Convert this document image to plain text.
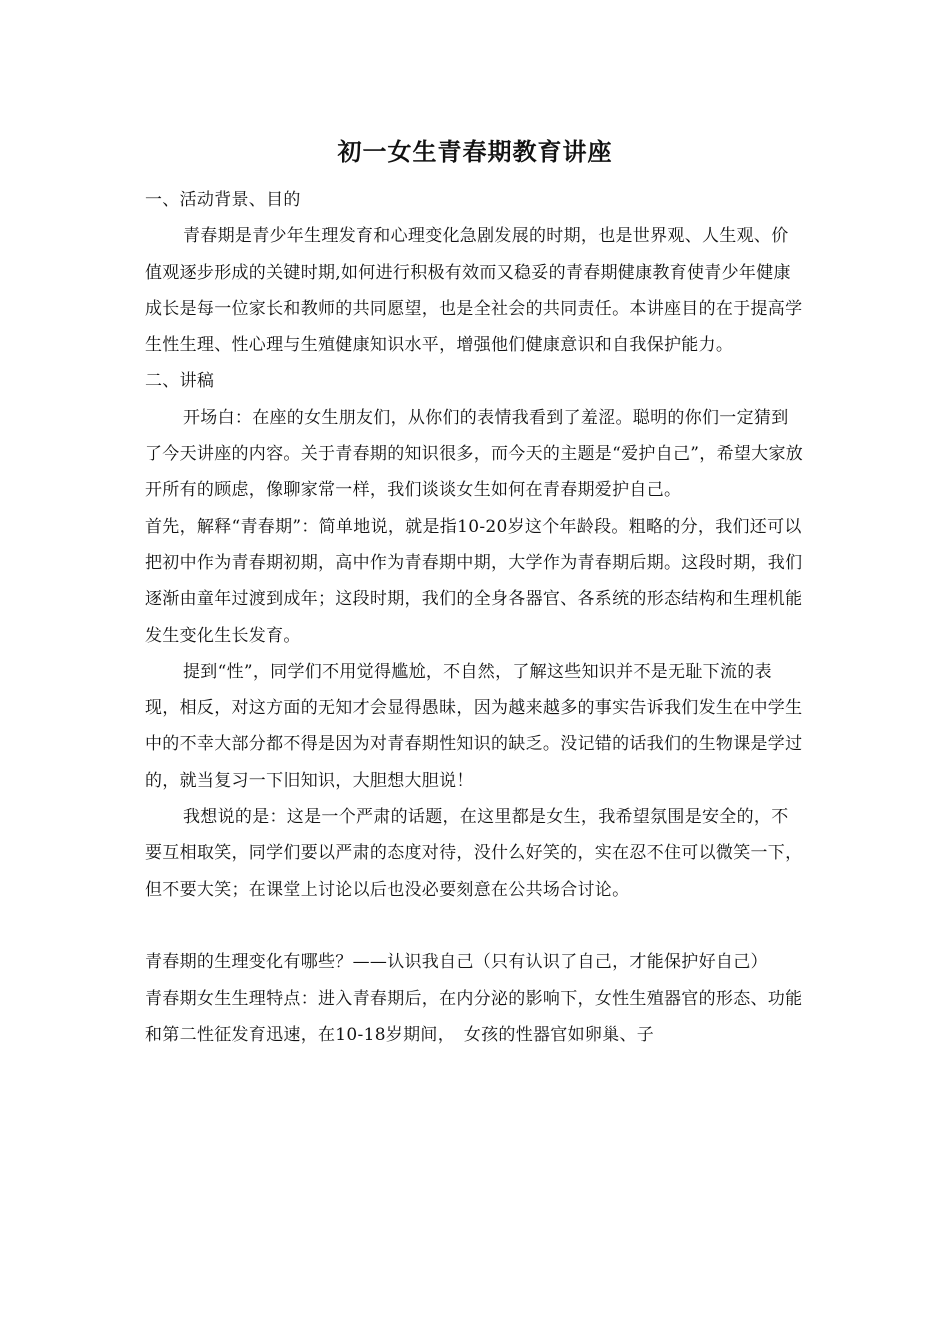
初一女生青春期教育讲座

一、活动背景、目的

青春期是青少年生理发育和心理变化急剧发展的时期，也是世界观、人生观、价值观逐步形成的关键时期,如何进行积极有效而又稳妥的青春期健康教育使青少年健康成长是每一位家长和教师的共同愿望，也是全社会的共同责任。本讲座目的在于提高学生性生理、性心理与生殖健康知识水平，增强他们健康意识和自我保护能力。

二、讲稿

开场白：在座的女生朋友们，从你们的表情我看到了羞涩。聪明的你们一定猜到了今天讲座的内容。关于青春期的知识很多，而今天的主题是“爱护自己”，希望大家放开所有的顾虑，像聊家常一样，我们谈谈女生如何在青春期爱护自己。

首先，解释“青春期”：简单地说，就是指10-20岁这个年龄段。粗略的分，我们还可以把初中作为青春期初期，高中作为青春期中期，大学作为青春期后期。这段时期，我们逐渐由童年过渡到成年；这段时期，我们的全身各器官、各系统的形态结构和生理机能发生变化生长发育。

提到“性”，同学们不用觉得尴尬，不自然，了解这些知识并不是无耻下流的表现，相反，对这方面的无知才会显得愚昧，因为越来越多的事实告诉我们发生在中学生中的不幸大部分都不得是因为对青春期性知识的缺乏。没记错的话我们的生物课是学过的，就当复习一下旧知识，大胆想大胆说！

我想说的是：这是一个严肃的话题，在这里都是女生，我希望氛围是安全的，不要互相取笑，同学们要以严肃的态度对待，没什么好笑的，实在忍不住可以微笑一下，但不要大笑；在课堂上讨论以后也没必要刻意在公共场合讨论。

青春期的生理变化有哪些？——认识我自己（只有认识了自己，才能保护好自己）

青春期女生生理特点：进入青春期后，在内分泌的影响下，女性生殖器官的形态、功能和第二性征发育迅速，在10-18岁期间，　女孩的性器官如卵巢、子
